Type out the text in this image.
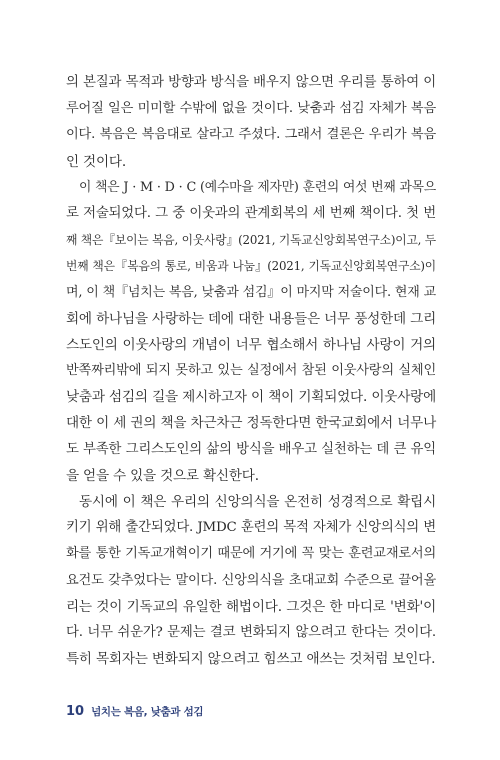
의 본질과 목적과 방향과 방식을 배우지 않으면 우리를 통하여 이
루어질 일은 미미할 수밖에 없을 것이다. 낮춤과 섬김 자체가 복음
이다. 복음은 복음대로 살라고 주셨다. 그래서 결론은 우리가 복음
인 것이다.
이 책은 J · M · D · C (예수마을 제자만) 훈련의 여섯 번째 과목으
로 저술되었다. 그 중 이웃과의 관계회복의 세 번째 책이다. 첫 번
째 책은『보이는 복음, 이웃사랑』(2021, 기독교신앙회복연구소)이고, 두
번째 책은『복음의 통로, 비움과 나눔』(2021, 기독교신앙회복연구소)이
며, 이 책『넘치는 복음, 낮춤과 섬김』이 마지막 저술이다. 현재 교
회에 하나님을 사랑하는 데에 대한 내용들은 너무 풍성한데 그리
스도인의 이웃사랑의 개념이 너무 협소해서 하나님 사랑이 거의
반쪽짜리밖에 되지 못하고 있는 실정에서 참된 이웃사랑의 실체인
낮춤과 섬김의 길을 제시하고자 이 책이 기획되었다. 이웃사랑에
대한 이 세 권의 책을 차근차근 정독한다면 한국교회에서 너무나
도 부족한 그리스도인의 삶의 방식을 배우고 실천하는 데 큰 유익
을 얻을 수 있을 것으로 확신한다.
동시에 이 책은 우리의 신앙의식을 온전히 성경적으로 확립시
키기 위해 출간되었다. JMDC 훈련의 목적 자체가 신앙의식의 변
화를 통한 기독교개혁이기 때문에 거기에 꼭 맞는 훈련교재로서의
요건도 갖추었다는 말이다. 신앙의식을 초대교회 수준으로 끌어올
리는 것이 기독교의 유일한 해법이다. 그것은 한 마디로 '변화'이
다. 너무 쉬운가? 문제는 결코 변화되지 않으려고 한다는 것이다.
특히 목회자는 변화되지 않으려고 힘쓰고 애쓰는 것처럼 보인다.
10 넘치는 복음, 낮춤과 섬김
